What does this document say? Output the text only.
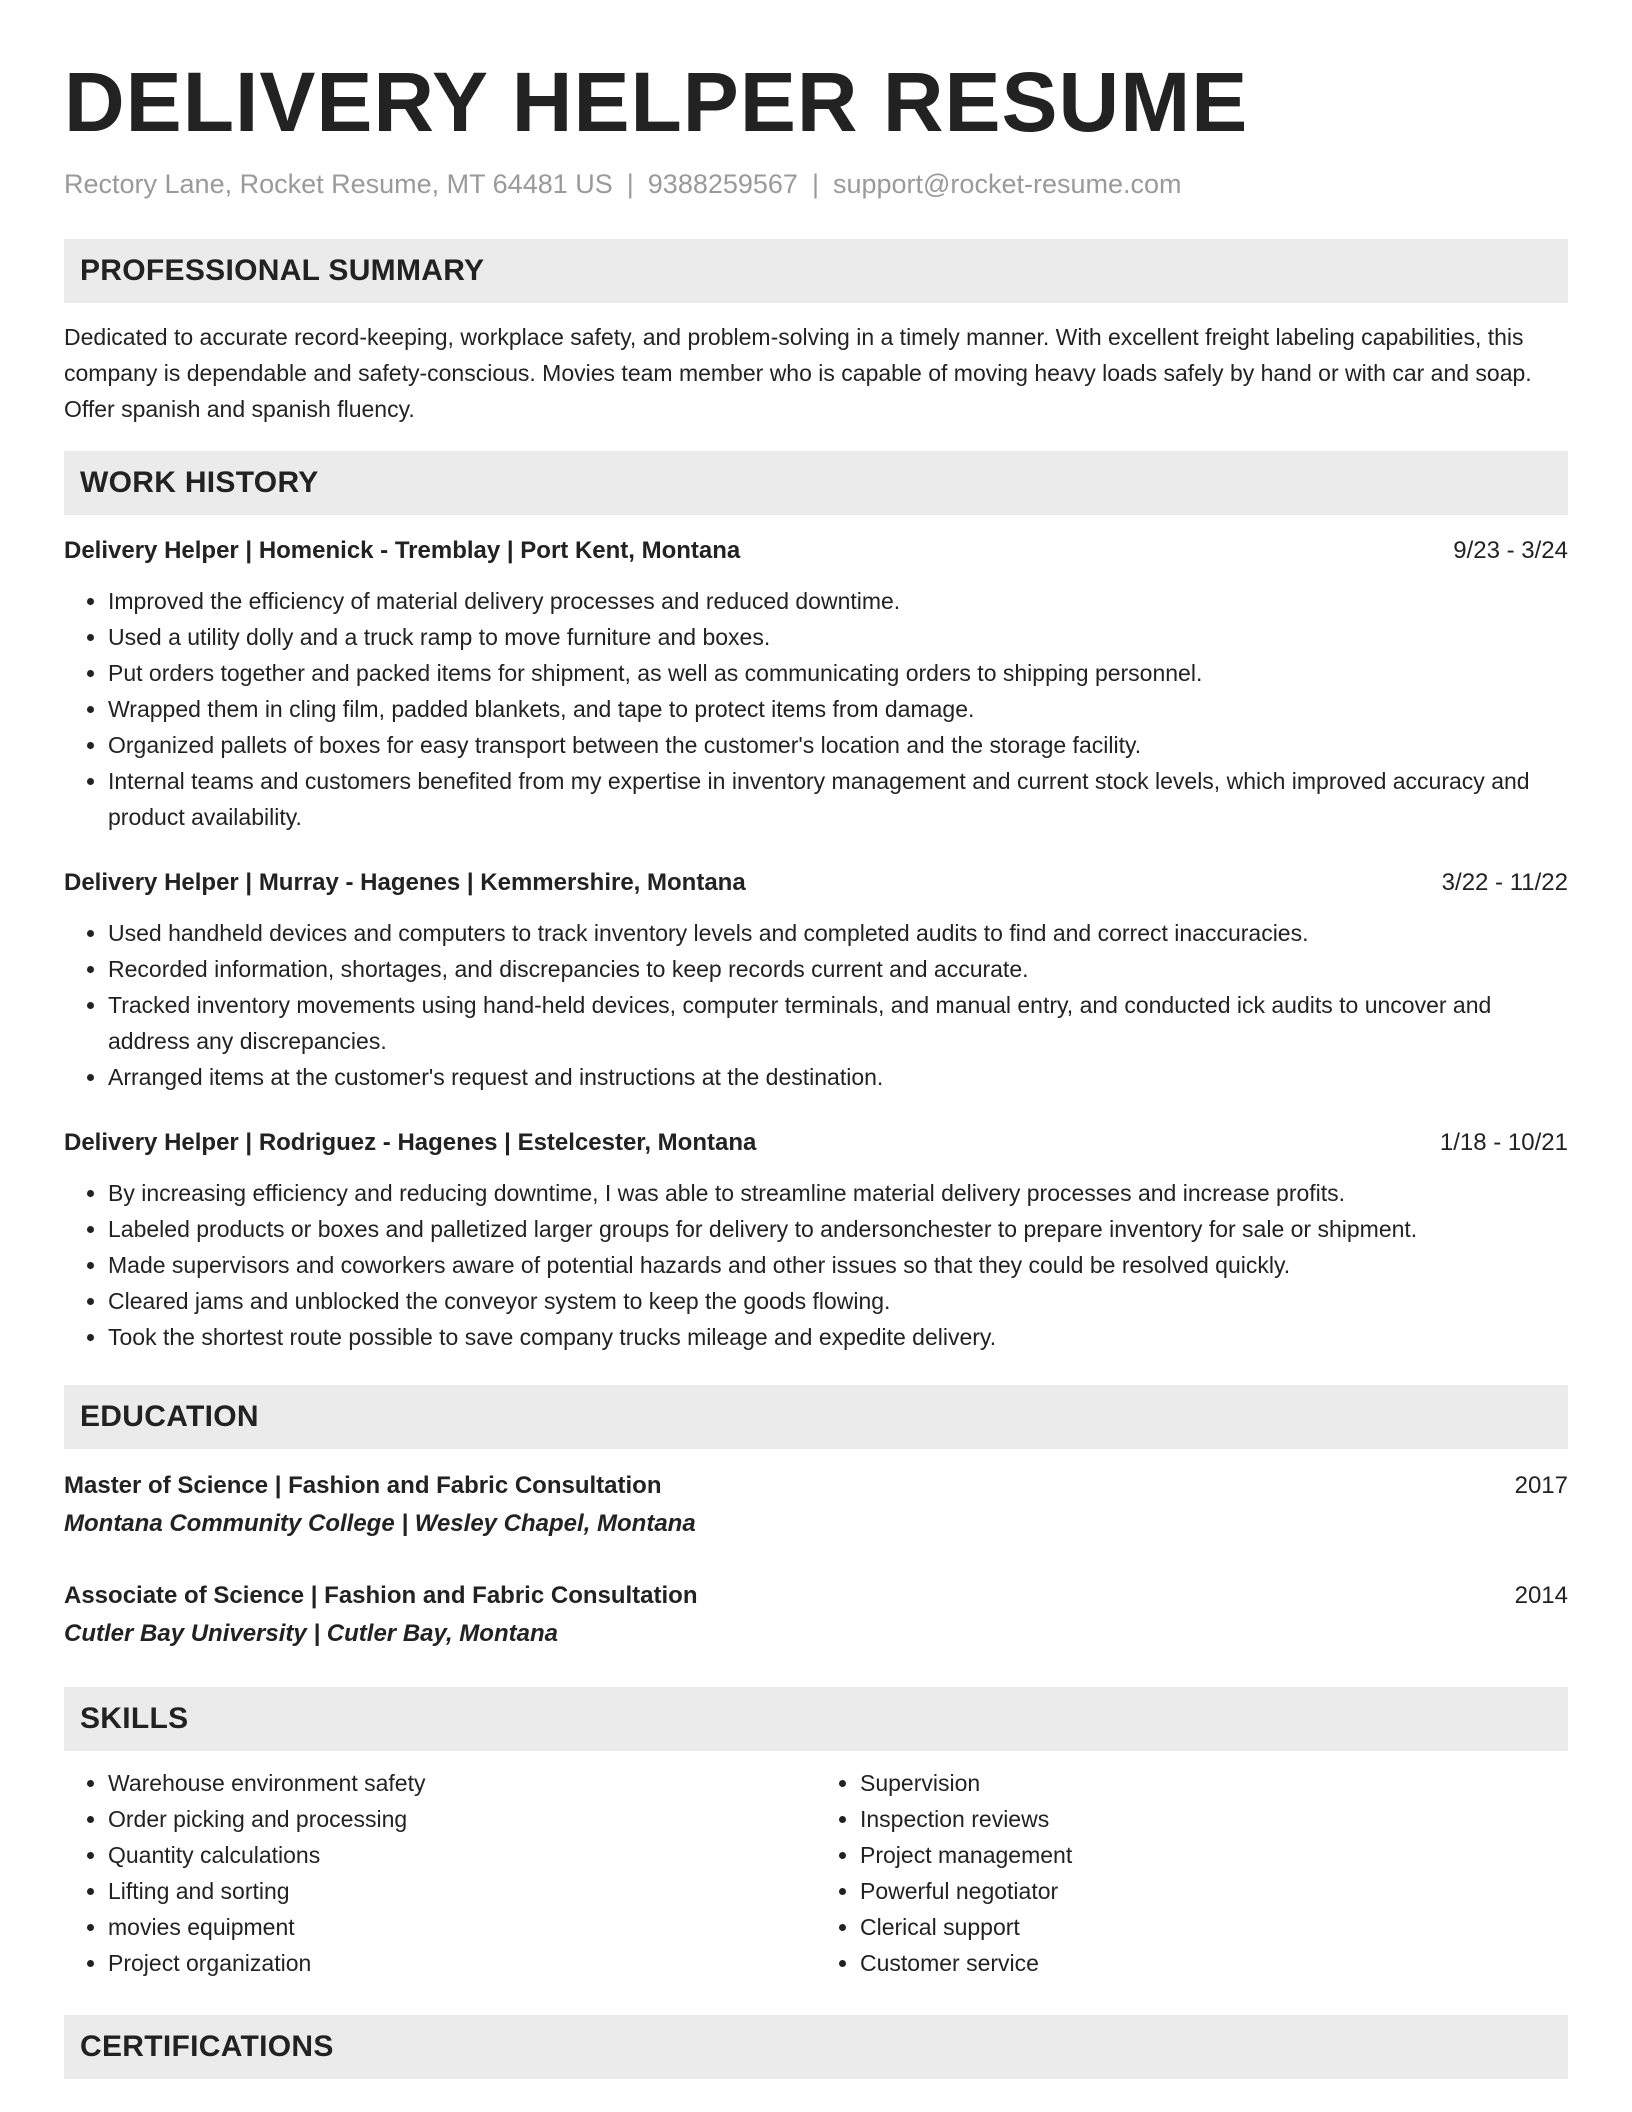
DELIVERY HELPER RESUME
Rectory Lane, Rocket Resume, MT 64481 US | 9388259567 | support@rocket-resume.com
PROFESSIONAL SUMMARY
Dedicated to accurate record-keeping, workplace safety, and problem-solving in a timely manner. With excellent freight labeling capabilities, this company is dependable and safety-conscious. Movies team member who is capable of moving heavy loads safely by hand or with car and soap. Offer spanish and spanish fluency.
WORK HISTORY
Delivery Helper | Homenick - Tremblay | Port Kent, Montana	9/23 - 3/24
• Improved the efficiency of material delivery processes and reduced downtime.
• Used a utility dolly and a truck ramp to move furniture and boxes.
• Put orders together and packed items for shipment, as well as communicating orders to shipping personnel.
• Wrapped them in cling film, padded blankets, and tape to protect items from damage.
• Organized pallets of boxes for easy transport between the customer's location and the storage facility.
• Internal teams and customers benefited from my expertise in inventory management and current stock levels, which improved accuracy and product availability.
Delivery Helper | Murray - Hagenes | Kemmershire, Montana	3/22 - 11/22
• Used handheld devices and computers to track inventory levels and completed audits to find and correct inaccuracies.
• Recorded information, shortages, and discrepancies to keep records current and accurate.
• Tracked inventory movements using hand-held devices, computer terminals, and manual entry, and conducted ick audits to uncover and address any discrepancies.
• Arranged items at the customer's request and instructions at the destination.
Delivery Helper | Rodriguez - Hagenes | Estelcester, Montana	1/18 - 10/21
• By increasing efficiency and reducing downtime, I was able to streamline material delivery processes and increase profits.
• Labeled products or boxes and palletized larger groups for delivery to andersonchester to prepare inventory for sale or shipment.
• Made supervisors and coworkers aware of potential hazards and other issues so that they could be resolved quickly.
• Cleared jams and unblocked the conveyor system to keep the goods flowing.
• Took the shortest route possible to save company trucks mileage and expedite delivery.
EDUCATION
Master of Science | Fashion and Fabric Consultation	2017
Montana Community College | Wesley Chapel, Montana
Associate of Science | Fashion and Fabric Consultation	2014
Cutler Bay University | Cutler Bay, Montana
SKILLS
• Warehouse environment safety
• Order picking and processing
• Quantity calculations
• Lifting and sorting
• movies equipment
• Project organization
• Supervision
• Inspection reviews
• Project management
• Powerful negotiator
• Clerical support
• Customer service
CERTIFICATIONS
